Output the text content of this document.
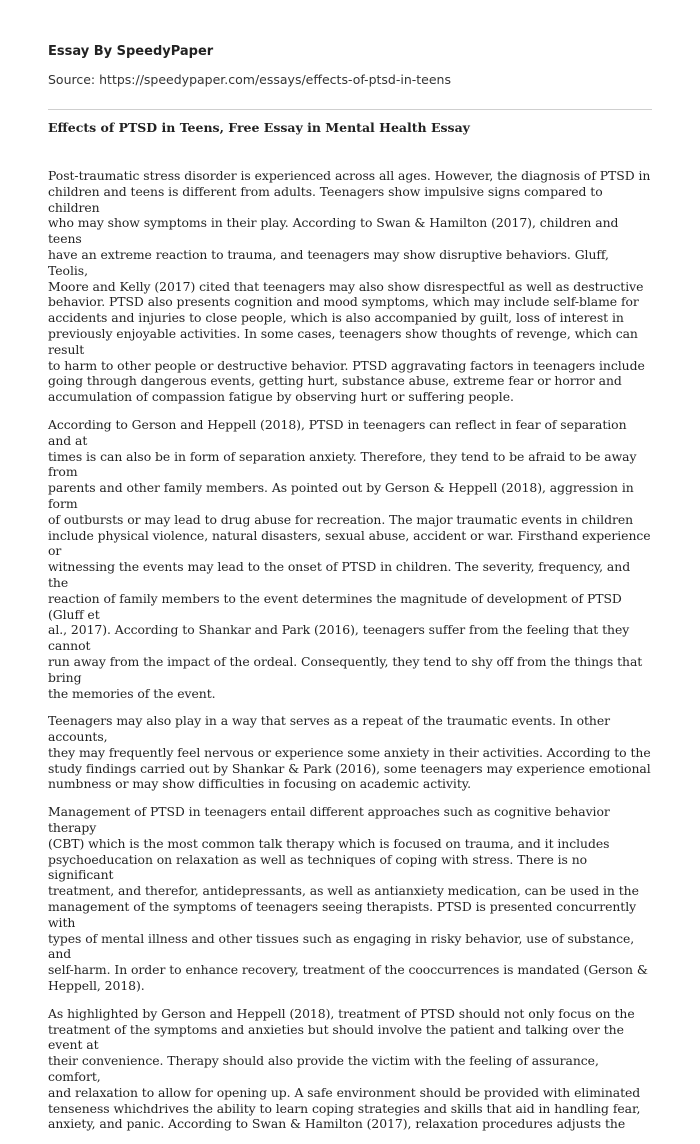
Essay By SpeedyPaper
Source: https://speedypaper.com/essays/effects-of-ptsd-in-teens
Effects of PTSD in Teens, Free Essay in Mental Health Essay

Post-traumatic stress disorder is experienced across all ages. However, the diagnosis of PTSD in
children and teens is different from adults. Teenagers show impulsive signs compared to children
who may show symptoms in their play. According to Swan & Hamilton (2017), children and teens
have an extreme reaction to trauma, and teenagers may show disruptive behaviors. Gluff, Teolis,
Moore and Kelly (2017) cited that teenagers may also show disrespectful as well as destructive
behavior. PTSD also presents cognition and mood symptoms, which may include self-blame for
accidents and injuries to close people, which is also accompanied by guilt, loss of interest in
previously enjoyable activities. In some cases, teenagers show thoughts of revenge, which can result
to harm to other people or destructive behavior. PTSD aggravating factors in teenagers include
going through dangerous events, getting hurt, substance abuse, extreme fear or horror and
accumulation of compassion fatigue by observing hurt or suffering people.

According to Gerson and Heppell (2018), PTSD in teenagers can reflect in fear of separation and at
times is can also be in form of separation anxiety. Therefore, they tend to be afraid to be away from
parents and other family members. As pointed out by Gerson & Heppell (2018), aggression in form
of outbursts or may lead to drug abuse for recreation. The major traumatic events in children
include physical violence, natural disasters, sexual abuse, accident or war. Firsthand experience or
witnessing the events may lead to the onset of PTSD in children. The severity, frequency, and the
reaction of family members to the event determines the magnitude of development of PTSD (Gluff et
al., 2017). According to Shankar and Park (2016), teenagers suffer from the feeling that they cannot
run away from the impact of the ordeal. Consequently, they tend to shy off from the things that bring
the memories of the event.

Teenagers may also play in a way that serves as a repeat of the traumatic events. In other accounts,
they may frequently feel nervous or experience some anxiety in their activities. According to the
study findings carried out by Shankar & Park (2016), some teenagers may experience emotional
numbness or may show difficulties in focusing on academic activity.

Management of PTSD in teenagers entail different approaches such as cognitive behavior therapy
(CBT) which is the most common talk therapy which is focused on trauma, and it includes
psychoeducation on relaxation as well as techniques of coping with stress. There is no significant
treatment, and therefor, antidepressants, as well as antianxiety medication, can be used in the
management of the symptoms of teenagers seeing therapists. PTSD is presented concurrently with
types of mental illness and other tissues such as engaging in risky behavior, use of substance, and
self-harm. In order to enhance recovery, treatment of the cooccurrences is mandated (Gerson &
Heppell, 2018).

As highlighted by Gerson and Heppell (2018), treatment of PTSD should not only focus on the
treatment of the symptoms and anxieties but should involve the patient and talking over the event at
their convenience. Therapy should also provide the victim with the feeling of assurance, comfort,
and relaxation to allow for opening up. A safe environment should be provided with eliminated
tenseness whichdrives the ability to learn coping strategies and skills that aid in handling fear,
anxiety, and panic. According to Swan & Hamilton (2017), relaxation procedures adjusts the
